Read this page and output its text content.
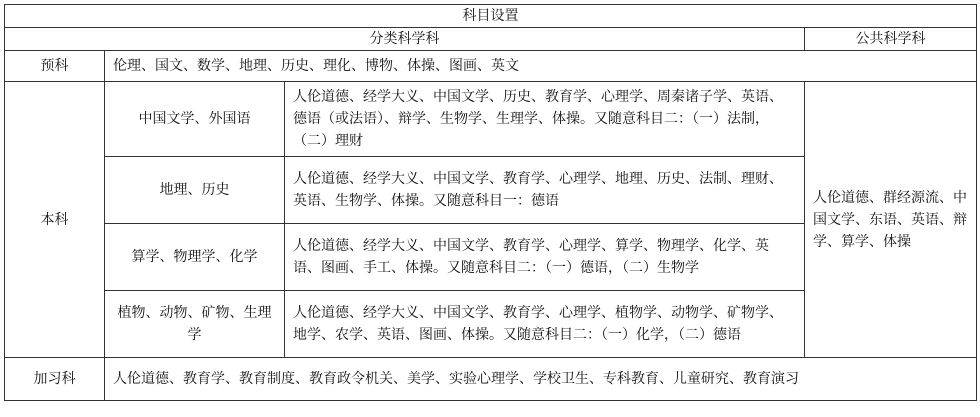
科目设置			
分类科学科			公共科学科
预科	伦理、国文、数学、地理、历史、理化、博物、体操、图画、英文		
本科	中国文学、外国语	人伦道德、经学大义、中国文学、历史、教育学、心理学、周秦诸子学、英语、德语（或法语）、辩学、生物学、生理学、体操。又随意科目二：（一）法制，（二）理财	人伦道德、群经源流、中国文学、东语、英语、辩学、算学、体操
	地理、历史	人伦道德、经学大义、中国文学、教育学、心理学、地理、历史、法制、理财、英语、生物学、体操。又随意科目一：德语	
	算学、物理学、化学	人伦道德、经学大义、中国文学、教育学、心理学、算学、物理学、化学、英语、图画、手工、体操。又随意科目二：（一）德语，（二）生物学	
	植物、动物、矿物、生理学	人伦道德、经学大义、中国文学、教育学、心理学、植物学、动物学、矿物学、地学、农学、英语、图画、体操。又随意科目二：（一）化学，（二）德语	
加习科	人伦道德、教育学、教育制度、教育政令机关、美学、实验心理学、学校卫生、专科教育、儿童研究、教育演习		
